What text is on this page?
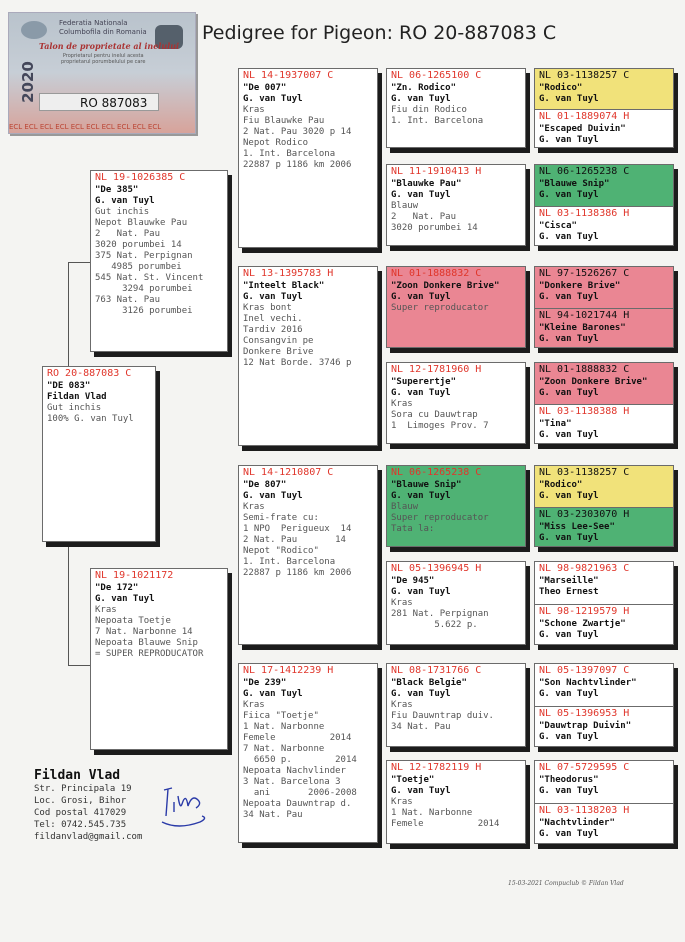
Federatia Nationala
Columbofila din Romania
Talon de proprietate al inelului
Proprietarul pentru inelul acesta
proprietarul porumbelului pe care
2020
RO 887083
ECL ECL ECL ECL ECL ECL ECL ECL ECL ECL
Pedigree for Pigeon: RO 20-887083 C
RO 20-887083 C
"DE 083"
Fildan Vlad
Gut inchis
100% G. van Tuyl
NL 19-1026385 C
"De 385"
G. van Tuyl
Gut inchis
Nepot Blauwke Pau
2   Nat. Pau
3020 porumbei 14
375 Nat. Perpignan
4985 porumbei
545 Nat. St. Vincent
3294 porumbei
763 Nat. Pau
3126 porumbei
NL 19-1021172
"De 172"
G. van Tuyl
Kras
Nepoata Toetje
7 Nat. Narbonne 14
Nepoata Blauwe Snip
= SUPER REPRODUCATOR
NL 14-1937007 C
"De 007"
G. van Tuyl
Kras
Fiu Blauwke Pau
2 Nat. Pau 3020 p 14
Nepot Rodico
1. Int. Barcelona
22887 p 1186 km 2006
NL 13-1395783 H
"Inteelt Black"
G. van Tuyl
Kras bont
Inel vechi.
Tardiv 2016
Consangvin pe
Donkere Brive
12 Nat Borde. 3746 p
NL 14-1210807 C
"De 807"
G. van Tuyl
Kras
Semi-frate cu:
1 NPO  Perigueux  14
2 Nat. Pau       14
Nepot "Rodico"
1. Int. Barcelona
22887 p 1186 km 2006
NL 17-1412239 H
"De 239"
G. van Tuyl
Kras
Fiica "Toetje"
1 Nat. Narbonne
Femele          2014
7 Nat. Narbonne
6650 p.        2014
Nepoata Nachvlinder
3 Nat. Barcelona 3
ani       2006-2008
Nepoata Dauwntrap d.
34 Nat. Pau
NL 06-1265100 C
"Zn. Rodico"
G. van Tuyl
Fiu din Rodico
1. Int. Barcelona
NL 11-1910413 H
"Blauwke Pau"
G. van Tuyl
Blauw
2   Nat. Pau
3020 porumbei 14
NL 01-1888832 C
"Zoon Donkere Brive"
G. van Tuyl
Super reproducator
NL 12-1781960 H
"Superertje"
G. van Tuyl
Kras
Sora cu Dauwtrap
1  Limoges Prov. 7
NL 06-1265238 C
"Blauwe Snip"
G. van Tuyl
Blauw
Super reproducator
Tata la:
NL 05-1396945 H
"De 945"
G. van Tuyl
Kras
281 Nat. Perpignan
5.622 p.
NL 08-1731766 C
"Black Belgie"
G. van Tuyl
Kras
Fiu Dauwntrap duiv.
34 Nat. Pau
NL 12-1782119 H
"Toetje"
G. van Tuyl
Kras
1 Nat. Narbonne
Femele          2014
NL 03-1138257 C
"Rodico"
G. van Tuyl
NL 01-1889074 H
"Escaped Duivin"
G. van Tuyl
NL 06-1265238 C
"Blauwe Snip"
G. van Tuyl
NL 03-1138386 H
"Cisca"
G. van Tuyl
NL 97-1526267 C
"Donkere Brive"
G. van Tuyl
NL 94-1021744 H
"Kleine Barones"
G. van Tuyl
NL 01-1888832 C
"Zoon Donkere Brive"
G. van Tuyl
NL 03-1138388 H
"Tina"
G. van Tuyl
NL 03-1138257 C
"Rodico"
G. van Tuyl
NL 03-2303070 H
"Miss Lee-See"
G. van Tuyl
NL 98-9821963 C
"Marseille"
Theo Ernest
NL 98-1219579 H
"Schone Zwartje"
G. van Tuyl
NL 05-1397097 C
"Son Nachtvlinder"
G. van Tuyl
NL 05-1396953 H
"Dauwtrap Duivin"
G. van Tuyl
NL 07-5729595 C
"Theodorus"
G. van Tuyl
NL 03-1138203 H
"Nachtvlinder"
G. van Tuyl
Fildan Vlad
Str. Principala 19
Loc. Grosi, Bihor
Cod postal 417029
Tel: 0742.545.735
fildanvlad@gmail.com
15-03-2021 Compuclub © Fildan Vlad
